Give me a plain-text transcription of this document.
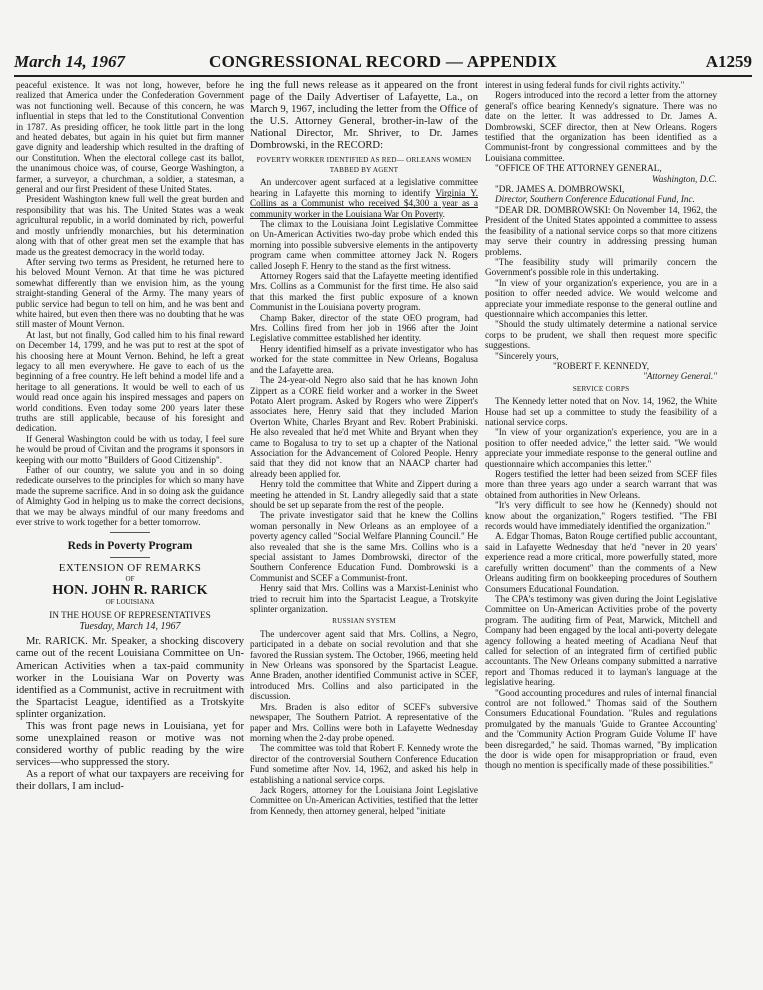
CONGRESSIONAL RECORD — APPENDIX
March 14, 1967	A1259

peaceful existence. It was not long, however, before he realized that America under the Confederation Government was not functioning well. Because of this concern, he was influential in steps that led to the Constitutional Convention in 1787. As presiding officer, he took little part in the long and heated debates, but again in his quiet but firm manner gave dignity and leadership which resulted in the drafting of our Constitution. When the electoral college cast its ballot, the unanimous choice was, of course, George Washington, a farmer, a surveyor, a churchman, a soldier, a statesman, a general and our first President of these United States.

President Washington knew full well the great burden and responsibility that was his. The United States was a weak agricultural republic, in a world dominated by rich, powerful and mostly unfriendly monarchies, but his determination along with that of other great men set the example that has made us the greatest democracy in the world today.

After serving two terms as President, he returned here to his beloved Mount Vernon. At that time he was pictured somewhat differently than we envision him, as the young straight-standing General of the Army. The many years of public service had begun to tell on him, and he was bent and white haired, but even then there was no doubting that he was still master of Mount Vernon.

At last, but not finally, God called him to his final reward on December 14, 1799, and he was put to rest at the spot of his choosing here at Mount Vernon. Behind, he left a great legacy to all men everywhere. He gave to each of us the beginning of a free country. He left behind a model life and a heritage to all generations. It would be well to each of us would read once again his inspired messages and papers on world conditions. Even today some 200 years later these truths are still applicable, because of his foresight and dedication.

If General Washington could be with us today, I feel sure he would be proud of Civitan and the programs it sponsors in keeping with our motto "Builders of Good Citizenship".

Father of our country, we salute you and in so doing rededicate ourselves to the principles for which so many have made the supreme sacrifice. And in so doing ask the guidance of Almighty God in helping us to make the correct decisions, that we may be always mindful of our many freedoms and ever strive to work together for a better tomorrow.

Reds in Poverty Program
EXTENSION OF REMARKS
OF
HON. JOHN R. RARICK
OF LOUISIANA
IN THE HOUSE OF REPRESENTATIVES
Tuesday, March 14, 1967

Mr. RARICK. Mr. Speaker, a shocking discovery came out of the recent Louisiana Committee on Un-American Activities when a tax-paid community worker in the Louisiana War on Poverty was identified as a Communist, active in recruitment with the Spartacist League, identified as a Trotskyite splinter organization.

This was front page news in Louisiana, yet for some unexplained reason or motive was not considered worthy of public reading by the wire services—who suppressed the story.

As a report of what our taxpayers are receiving for their dollars, I am includ-

ing the full news release as it appeared on the front page of the Daily Advertiser of Lafayette, La., on March 9, 1967, including the letter from the Office of the U.S. Attorney General, brother-in-law of the National Director, Mr. Shriver, to Dr. James Dombrowski, in the RECORD:

POVERTY WORKER IDENTIFIED AS RED— ORLEANS WOMEN TABBED BY AGENT

An undercover agent surfaced at a legislative committee hearing in Lafayette this morning to identify Virginia Y. Collins as a Communist who received $4,300 a year as a community worker in the Louisiana War On Poverty.

The climax to the Louisiana Joint Legislative Committee on Un-American Activities two-day probe which ended this morning into possible subversive elements in the antipoverty program came when committee attorney Jack N. Rogers called Joseph F. Henry to the stand as the first witness.

Attorney Rogers said that the Lafayette meeting identified Mrs. Collins as a Communist for the first time. He also said that this marked the first public exposure of a known Communist in the Louisiana poverty program.

Champ Baker, director of the state OEO program, had Mrs. Collins fired from her job in 1966 after the Joint Legislative committee established her identity.

Henry identified himself as a private investigator who has worked for the state committee in New Orleans, Bogalusa and the Lafayette area.

The 24-year-old Negro also said that he has known John Zippert as a CORE field worker and a worker in the Sweet Potato Alert program. Asked by Rogers who were Zippert's associates here, Henry said that they included Marion Overton White, Charles Bryant and Rev. Robert Prabiniski. He also revealed that he'd met White and Bryant when they came to Bogalusa to try to set up a chapter of the National Association for the Advancement of Colored People. Henry said that they did not know that an NAACP charter had already been applied for.

Henry told the committee that White and Zippert during a meeting he attended in St. Landry allegedly said that a state should be set up separate from the rest of the people.

The private investigator said that he knew the Collins woman personally in New Orleans as an employee of a poverty agency called "Social Welfare Planning Council." He also revealed that she is the same Mrs. Collins who is a special assistant to James Dombrowski, director of the Southern Conference Education Fund. Dombrowski is a Communist and SCEF a Communist-front.

Henry said that Mrs. Collins was a Marxist-Leninist who tried to recruit him into the Spartacist League, a Trotskyite splinter organization.

RUSSIAN SYSTEM

The undercover agent said that Mrs. Collins, a Negro, participated in a debate on social revolution and that she favored the Russian system. The October, 1966, meeting held in New Orleans was sponsored by the Spartacist League. Anne Braden, another identified Communist active in SCEF, introduced Mrs. Collins and also participated in the discussion.

Mrs. Braden is also editor of SCEF's subversive newspaper, The Southern Patriot. A representative of the paper and Mrs. Collins were both in Lafayette Wednesday morning when the 2-day probe opened.

The committee was told that Robert F. Kennedy wrote the director of the controversial Southern Conference Education Fund sometime after Nov. 14, 1962, and asked his help in establishing a national service corps.

Jack Rogers, attorney for the Louisiana Joint Legislative Committee on Un-American Activities, testified that the letter from Kennedy, then attorney general, helped "initiate

interest in using federal funds for civil rights activity."

Rogers introduced into the record a letter from the attorney general's office bearing Kennedy's signature. There was no date on the letter. It was addressed to Dr. James A. Dombrowski, SCEF director, then at New Orleans. Rogers testified that the organization has been identified as a Communist-front by congressional committees and by the Louisiana committee.

"OFFICE OF THE ATTORNEY GENERAL,

Washington, D.C.

"DR. JAMES A. DOMBROWSKI,

Director, Southern Conference Educational Fund, Inc.

"DEAR DR. DOMBROWSKI: On November 14, 1962, the President of the United States appointed a committee to assess the feasibility of a national service corps so that more citizens may serve their country in addressing pressing human problems.

"The feasibility study will primarily concern the Government's possible role in this undertaking.

"In view of your organization's experience, you are in a position to offer needed advice. We would welcome and appreciate your immediate response to the general outline and questionnaire which accompanies this letter.

"Should the study ultimately determine a national service corps to be prudent, we shall then request more specific suggestions.

"Sincerely yours,

"ROBERT F. KENNEDY,

"Attorney General."

SERVICE CORPS

The Kennedy letter noted that on Nov. 14, 1962, the White House had set up a committee to study the feasibility of a national service corps.

"In view of your organization's experience, you are in a position to offer needed advice," the letter said. "We would appreciate your immediate response to the general outline and questionnaire which accompanies this letter."

Rogers testified the letter had been seized from SCEF files more than three years ago under a search warrant that was obtained from authorities in New Orleans.

"It's very difficult to see how he (Kennedy) should not know about the organization," Rogers testified. "The FBI records would have immediately identified the organization."

A. Edgar Thomas, Baton Rouge certified public accountant, said in Lafayette Wednesday that he'd "never in 20 years' experience read a more critical, more powerfully stated, more carefully written document" than the comments of a New Orleans auditing firm on bookkeeping procedures of Southern Consumers Educational Foundation.

The CPA's testimony was given during the Joint Legislative Committee on Un-American Activities probe of the poverty program. The auditing firm of Peat, Marwick, Mitchell and Company had been engaged by the local anti-poverty delegate agency following a heated meeting of Acadiana Neuf that called for selection of an integrated firm of certified public accountants. The New Orleans company submitted a narrative report and Thomas reduced it to layman's language at the legislative hearing.

"Good accounting procedures and rules of internal financial control are not followed." Thomas said of the Southern Consumers Educational Foundation. "Rules and regulations promulgated by the manuals 'Guide to Grantee Accounting' and the 'Community Action Program Guide Volume II' have been disregarded," he said. Thomas warned, "By implication the door is wide open for misappropriation or fraud, even though no mention is specifically made of these possibilities."
